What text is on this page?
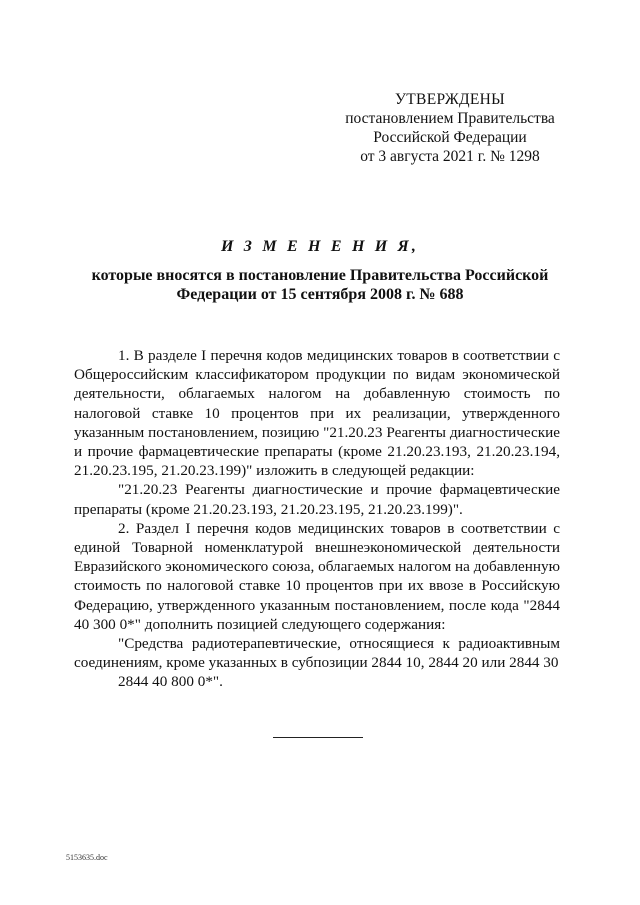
УТВЕРЖДЕНЫ
постановлением Правительства
Российской Федерации
от 3 августа 2021 г. № 1298
И З М Е Н Е Н И Я,
которые вносятся в постановление Правительства Российской
Федерации от 15 сентября 2008 г. № 688

1. В разделе I перечня кодов медицинских товаров в соответствии с Общероссийским классификатором продукции по видам экономической деятельности, облагаемых налогом на добавленную стоимость по налоговой ставке 10 процентов при их реализации, утвержденного указанным постановлением, позицию "21.20.23 Реагенты диагностические и прочие фармацевтические препараты (кроме 21.20.23.193, 21.20.23.194, 21.20.23.195, 21.20.23.199)" изложить в следующей редакции:

"21.20.23 Реагенты диагностические и прочие фармацевтические препараты (кроме 21.20.23.193, 21.20.23.195, 21.20.23.199)".

2. Раздел I перечня кодов медицинских товаров в соответствии с единой Товарной номенклатурой внешнеэкономической деятельности Евразийского экономического союза, облагаемых налогом на добавленную стоимость по налоговой ставке 10 процентов при их ввозе в Российскую Федерацию, утвержденного указанным постановлением, после кода "2844 40 300 0*" дополнить позицией следующего содержания:

"Средства радиотерапевтические, относящиеся к радиоактивным соединениям, кроме указанных в субпозиции 2844 10, 2844 20 или 2844 30

2844 40 800 0*".

5153635.doc
